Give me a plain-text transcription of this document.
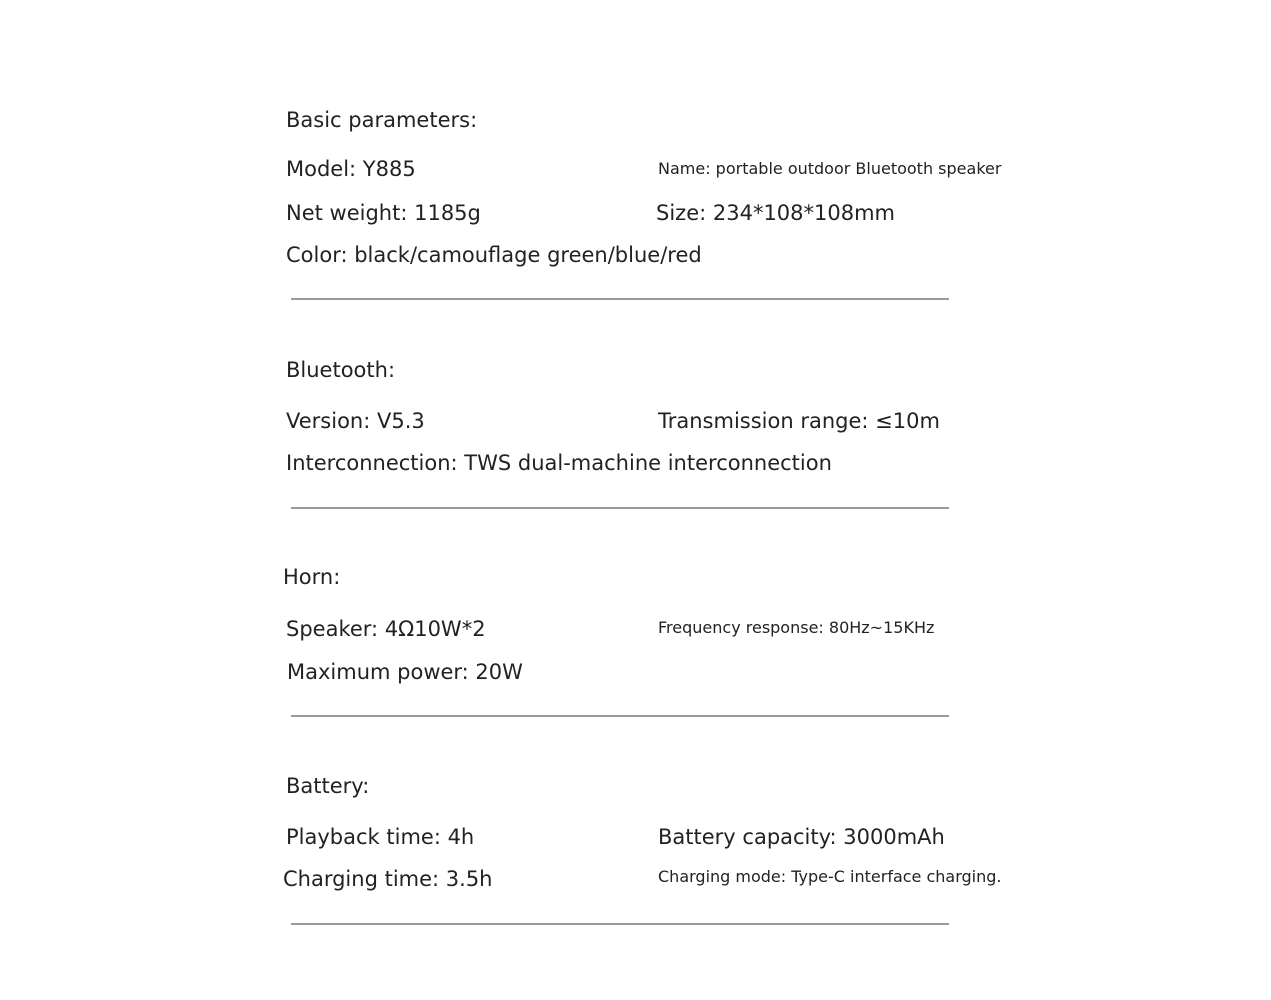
Basic parameters:
Model: Y885	Name: portable outdoor Bluetooth speaker
Net weight: 1185g	Size: 234*108*108mm
Color: black/camouflage green/blue/red
Bluetooth:
Version: V5.3	Transmission range: ≤10m
Interconnection: TWS dual-machine interconnection
Horn:
Speaker: 4Ω10W*2	Frequency response: 80Hz~15KHz
Maximum power: 20W
Battery:
Playback time: 4h	Battery capacity: 3000mAh
Charging time: 3.5h	Charging mode: Type-C interface charging.
